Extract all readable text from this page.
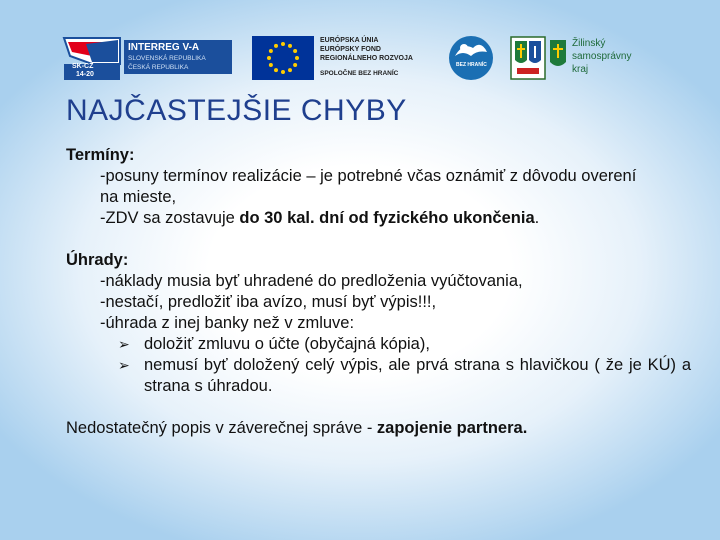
SK-CZ
14-20
INTERREG V-A
SLOVENSKÁ REPUBLIKA
ČESKÁ REPUBLIKA
EURÓPSKA ÚNIA
EURÓPSKY FOND
REGIONÁLNEHO ROZVOJA
SPOLOČNE BEZ HRANÍC
BEZ HRANÍC
Žilinský
samosprávny
kraj
NAJČASTEJŠIE CHYBY
Termíny:
-posuny termínov realizácie – je potrebné včas oznámiť z dôvodu overení
na mieste,
-ZDV sa zostavuje do 30 kal. dní od fyzického ukončenia.
Úhrady:
-náklady musia byť uhradené do predloženia vyúčtovania,
-nestačí, predložiť iba avízo, musí byť výpis!!!,
-úhrada z inej banky než v zmluve:
➢ doložiť zmluvu o účte (obyčajná kópia),
➢ nemusí byť doložený celý výpis, ale prvá strana s hlavičkou ( že je KÚ) a strana s úhradou.
Nedostatečný popis v záverečnej správe - zapojenie partnera.
